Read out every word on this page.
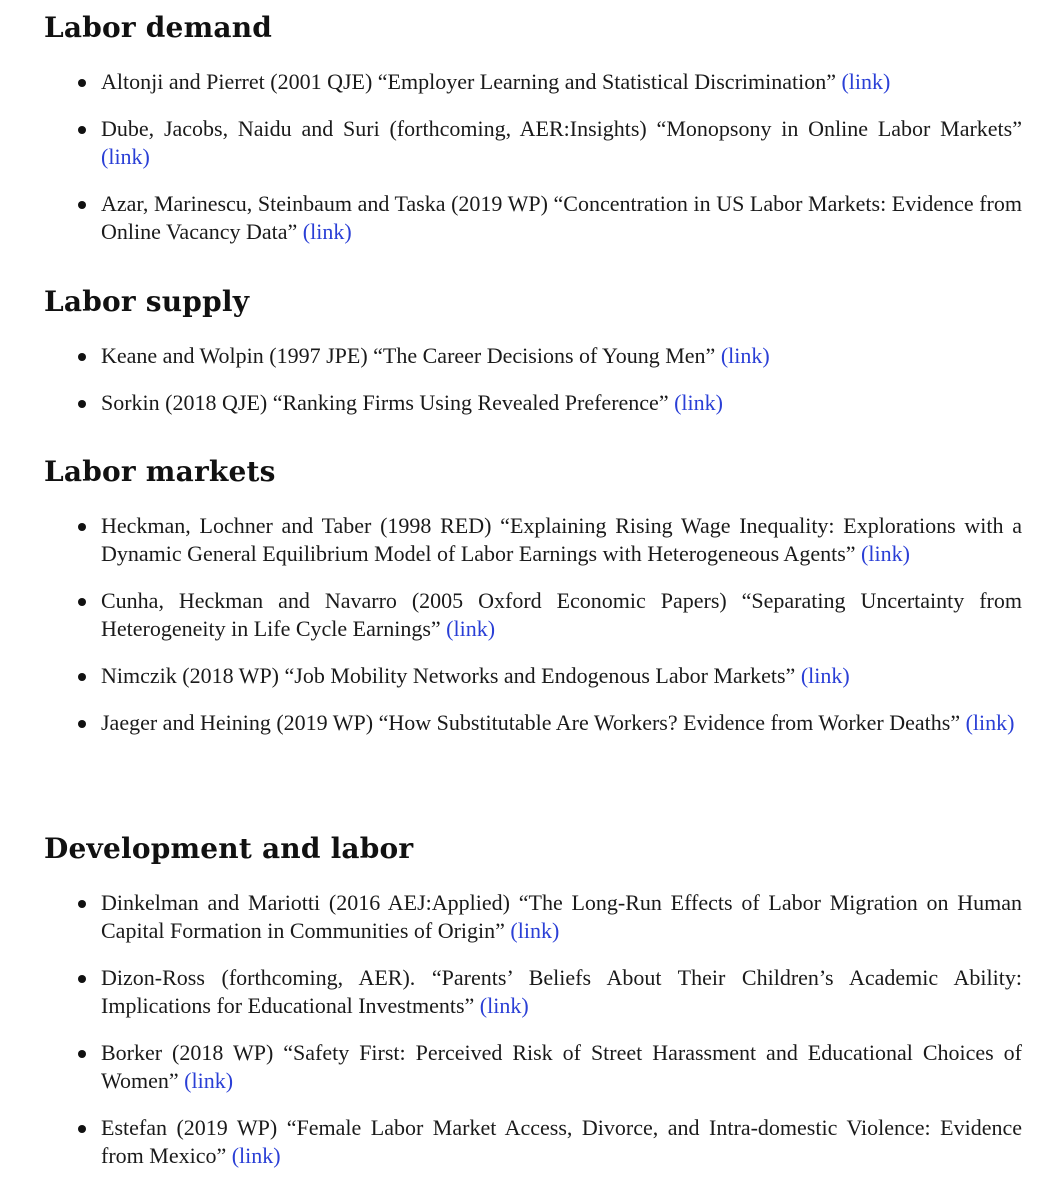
Labor demand
Altonji and Pierret (2001 QJE) “Employer Learning and Statistical Discrimination” (link)
Dube, Jacobs, Naidu and Suri (forthcoming, AER:Insights) “Monopsony in Online Labor Markets” (link)
Azar, Marinescu, Steinbaum and Taska (2019 WP) “Concentration in US Labor Markets: Evidence from Online Vacancy Data” (link)
Labor supply
Keane and Wolpin (1997 JPE) “The Career Decisions of Young Men” (link)
Sorkin (2018 QJE) “Ranking Firms Using Revealed Preference” (link)
Labor markets
Heckman, Lochner and Taber (1998 RED) “Explaining Rising Wage Inequality: Explorations with a Dynamic General Equilibrium Model of Labor Earnings with Heterogeneous Agents” (link)
Cunha, Heckman and Navarro (2005 Oxford Economic Papers) “Separating Uncertainty from Heterogeneity in Life Cycle Earnings” (link)
Nimczik (2018 WP) “Job Mobility Networks and Endogenous Labor Markets” (link)
Jaeger and Heining (2019 WP) “How Substitutable Are Workers? Evidence from Worker Deaths” (link)
Development and labor
Dinkelman and Mariotti (2016 AEJ:Applied) “The Long-Run Effects of Labor Migration on Human Capital Formation in Communities of Origin” (link)
Dizon-Ross (forthcoming, AER). “Parents’ Beliefs About Their Children’s Academic Ability: Implications for Educational Investments” (link)
Borker (2018 WP) “Safety First: Perceived Risk of Street Harassment and Educational Choices of Women” (link)
Estefan (2019 WP) “Female Labor Market Access, Divorce, and Intra-domestic Violence: Evidence from Mexico” (link)
